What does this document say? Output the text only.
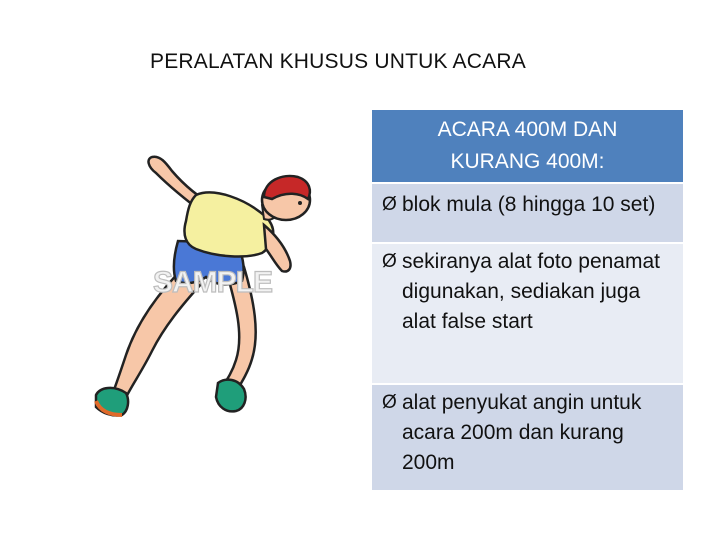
PERALATAN KHUSUS UNTUK ACARA
SAMPLE
ACARA 400M DAN
KURANG 400M:
Ø blok mula (8 hingga 10 set)
Ø sekiranya alat foto penamat digunakan, sediakan juga alat false start
Ø alat penyukat angin untuk acara 200m dan kurang 200m
